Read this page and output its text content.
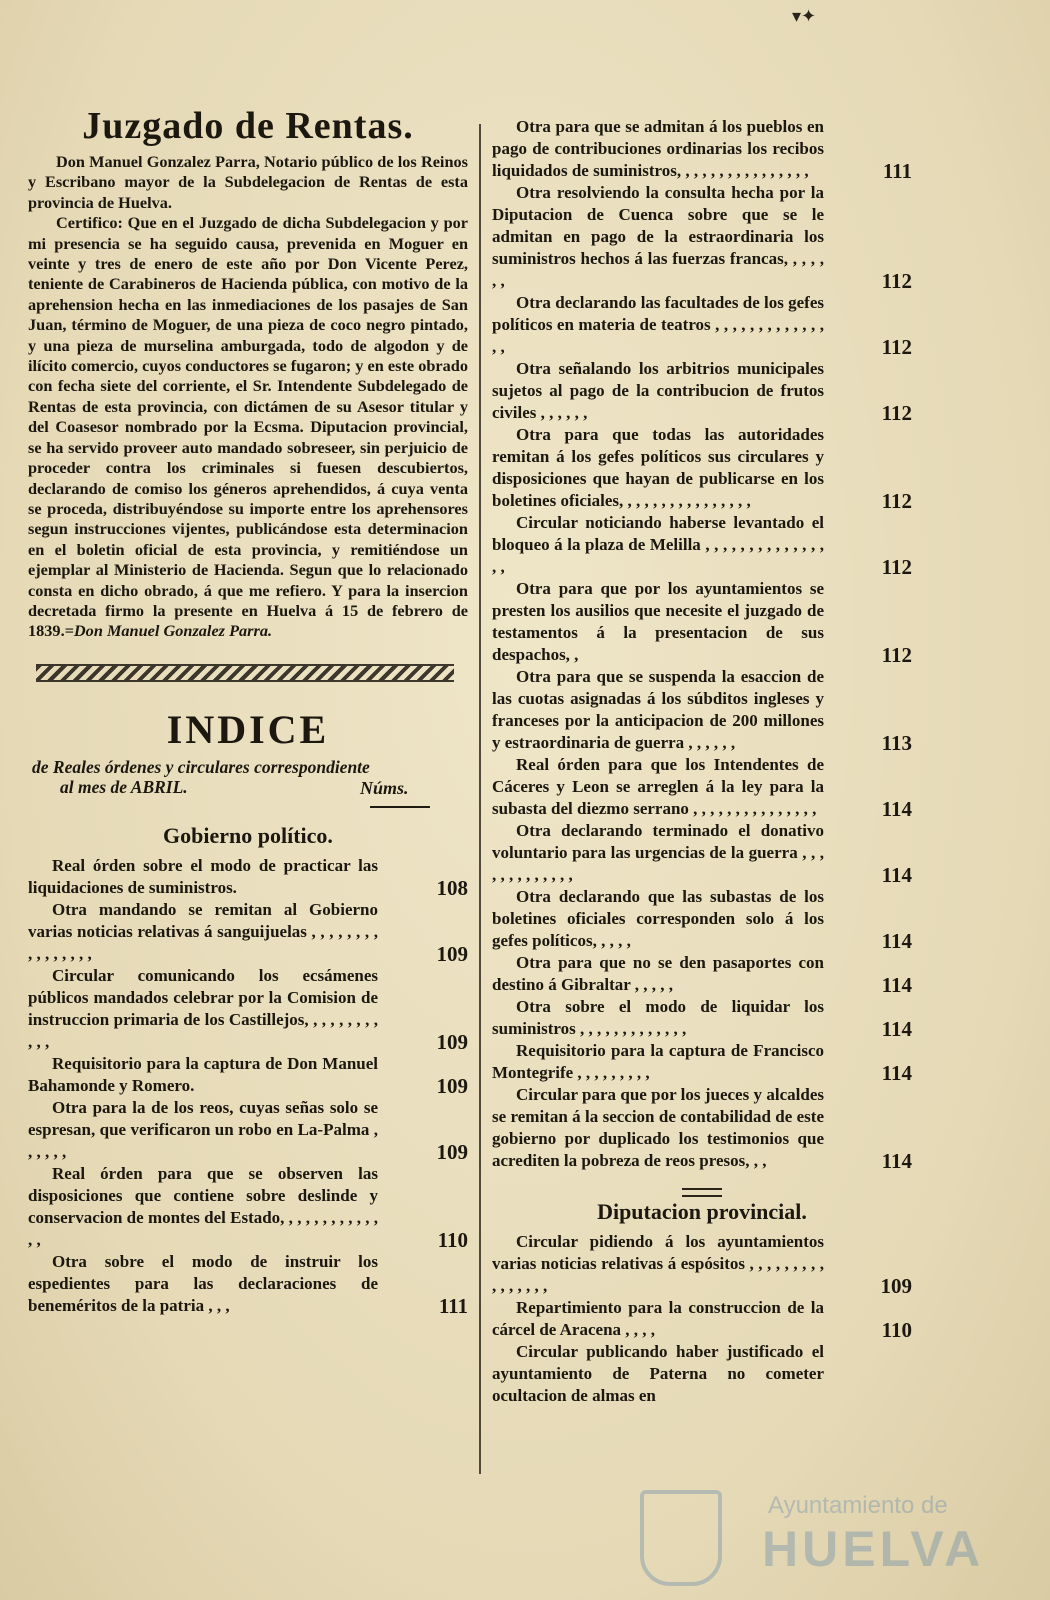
▾✦
Juzgado de Rentas.

Don Manuel Gonzalez Parra, Notario público de los Reinos y Escribano mayor de la Subdelegacion de Rentas de esta provincia de Huelva.

Certifico: Que en el Juzgado de dicha Subdelegacion y por mi presencia se ha seguido causa, prevenida en Moguer en veinte y tres de enero de este año por Don Vicente Perez, teniente de Carabineros de Hacienda pública, con motivo de la aprehension hecha en las inmediaciones de los pasajes de San Juan, término de Moguer, de una pieza de coco negro pintado, y una pieza de murselina amburgada, todo de algodon y de ilícito comercio, cuyos conductores se fugaron; y en este obrado con fecha siete del corriente, el Sr. Intendente Subdelegado de Rentas de esta provincia, con dictámen de su Asesor titular y del Coasesor nombrado por la Ecsma. Diputacion provincial, se ha servido proveer auto mandado sobreseer, sin perjuicio de proceder contra los criminales si fuesen descubiertos, declarando de comiso los géneros aprehendidos, á cuya venta se proceda, distribuyéndose su importe entre los aprehensores segun instrucciones vijentes, publicándose esta determinacion en el boletin oficial de esta provincia, y remitiéndose un ejemplar al Ministerio de Hacienda. Segun que lo relacionado consta en dicho obrado, á que me refiero. Y para la insercion decretada firmo la presente en Huelva á 15 de febrero de 1839.=Don Manuel Gonzalez Parra.

INDICE
de Reales órdenes y circulares correspondiente
al mes de ABRIL.
Gobierno político.

Real órden sobre el modo de practicar las liquidaciones de suministros.	108

Otra mandando se remitan al Gobierno varias noticias relativas á sanguijuelas , , , , , , , , , , , , , , , ,	109

Circular comunicando los ecsámenes públicos mandados celebrar por la Comision de instruccion primaria de los Castillejos, , , , , , , , , , , ,	109

Requisitorio para la captura de Don Manuel Bahamonde y Romero.	109

Otra para la de los reos, cuyas señas solo se espresan, que verificaron un robo en La-Palma , , , , , ,	109

Real órden para que se observen las disposiciones que contiene sobre deslinde y conservacion de montes del Estado, , , , , , , , , , , , , ,	110

Otra sobre el modo de instruir los espedientes para las declaraciones de beneméritos de la patria , , ,	111

Núms.

Otra para que se admitan á los pueblos en pago de contribuciones ordinarias los recibos liquidados de suministros, , , , , , , , , , , , , , , ,	111

Otra resolviendo la consulta hecha por la Diputacion de Cuenca sobre que se le admitan en pago de la estraordinaria los suministros hechos á las fuerzas francas, , , , , , ,	112

Otra declarando las facultades de los gefes políticos en materia de teatros , , , , , , , , , , , , , , ,	112

Otra señalando los arbitrios municipales sujetos al pago de la contribucion de frutos civiles , , , , , ,	112

Otra para que todas las autoridades remitan á los gefes políticos sus circulares y disposiciones que hayan de publicarse en los boletines oficiales, , , , , , , , , , , , , , , ,	112

Circular noticiando haberse levantado el bloqueo á la plaza de Melilla , , , , , , , , , , , , , , , ,	112

Otra para que por los ayuntamientos se presten los ausilios que necesite el juzgado de testamentos á la presentacion de sus despachos, ,	112

Otra para que se suspenda la esaccion de las cuotas asignadas á los súbditos ingleses y franceses por la anticipacion de 200 millones y estraordinaria de guerra , , , , , ,	113

Real órden para que los Intendentes de Cáceres y Leon se arreglen á la ley para la subasta del diezmo serrano , , , , , , , , , , , , , , ,	114

Otra declarando terminado el donativo voluntario para las urgencias de la guerra , , , , , , , , , , , , ,	114

Otra declarando que las subastas de los boletines oficiales corresponden solo á los gefes políticos, , , , ,	114

Otra para que no se den pasaportes con destino á Gibraltar , , , , ,	114

Otra sobre el modo de liquidar los suministros , , , , , , , , , , , , ,	114

Requisitorio para la captura de Francisco Montegrife , , , , , , , , ,	114

Circular para que por los jueces y alcaldes se remitan á la seccion de contabilidad de este gobierno por duplicado los testimonios que acrediten la pobreza de reos presos, , ,	114

Diputacion provincial.

Circular pidiendo á los ayuntamientos varias noticias relativas á espósitos , , , , , , , , , , , , , , , ,	109

Repartimiento para la construccion de la cárcel de Aracena , , , ,	110

Circular publicando haber justificado el ayuntamiento de Paterna no cometer ocultacion de almas en

Ayuntamiento de
HUELVA
